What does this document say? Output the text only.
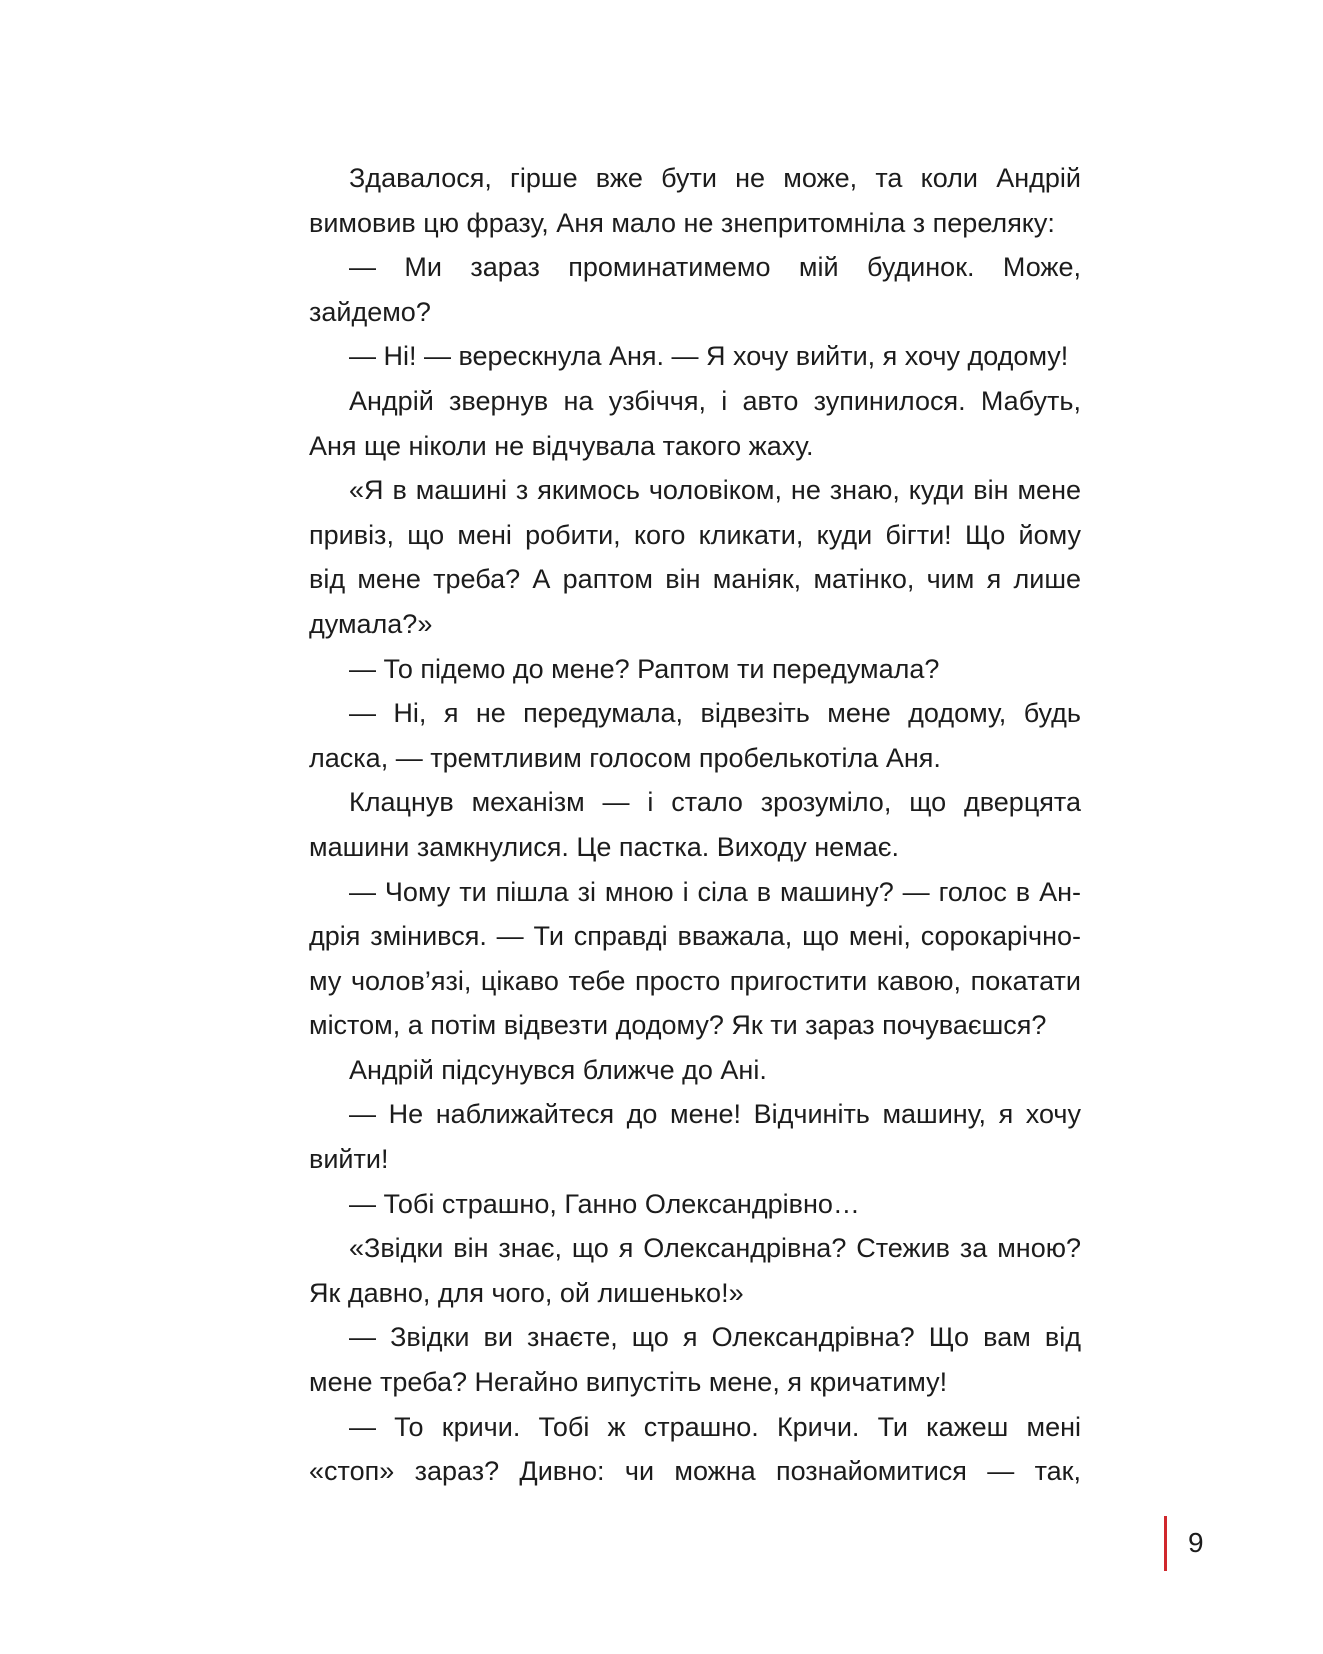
Здавалося, гірше вже бути не може, та коли Андрій
вимовив цю фразу, Аня мало не знепритомніла з переляку:
— Ми зараз проминатимемо мій будинок. Може,
зайдемо?
— Ні! — верескнула Аня. — Я хочу вийти, я хочу додому!
Андрій звернув на узбіччя, і авто зупинилося. Мабуть,
Аня ще ніколи не відчувала такого жаху.
«Я в машині з якимось чоловіком, не знаю, куди він мене
привіз, що мені робити, кого кликати, куди бігти! Що йому
від мене треба? А раптом він маніяк, матінко, чим я лише
думала?»
— То підемо до мене? Раптом ти передумала?
— Ні, я не передумала, відвезіть мене додому, будь
ласка, — тремтливим голосом пробелькотіла Аня.
Клацнув механізм — і стало зрозуміло, що дверцята
машини замкнулися. Це пастка. Виходу немає.
— Чому ти пішла зі мною і сіла в машину? — голос в Ан-
дрія змінився. — Ти справді вважала, що мені, сорокарічно-
му чолов’язі, цікаво тебе просто пригостити кавою, покатати
містом, а потім відвезти додому? Як ти зараз почуваєшся?
Андрій підсунувся ближче до Ані.
— Не наближайтеся до мене! Відчиніть машину, я хочу
вийти!
— Тобі страшно, Ганно Олександрівно…
«Звідки він знає, що я Олександрівна? Стежив за мною?
Як давно, для чого, ой лишенько!»
— Звідки ви знаєте, що я Олександрівна? Що вам від
мене треба? Негайно випустіть мене, я кричатиму!
— То кричи. Тобі ж страшно. Кричи. Ти кажеш мені
«стоп» зараз? Дивно: чи можна познайомитися — так,
9
